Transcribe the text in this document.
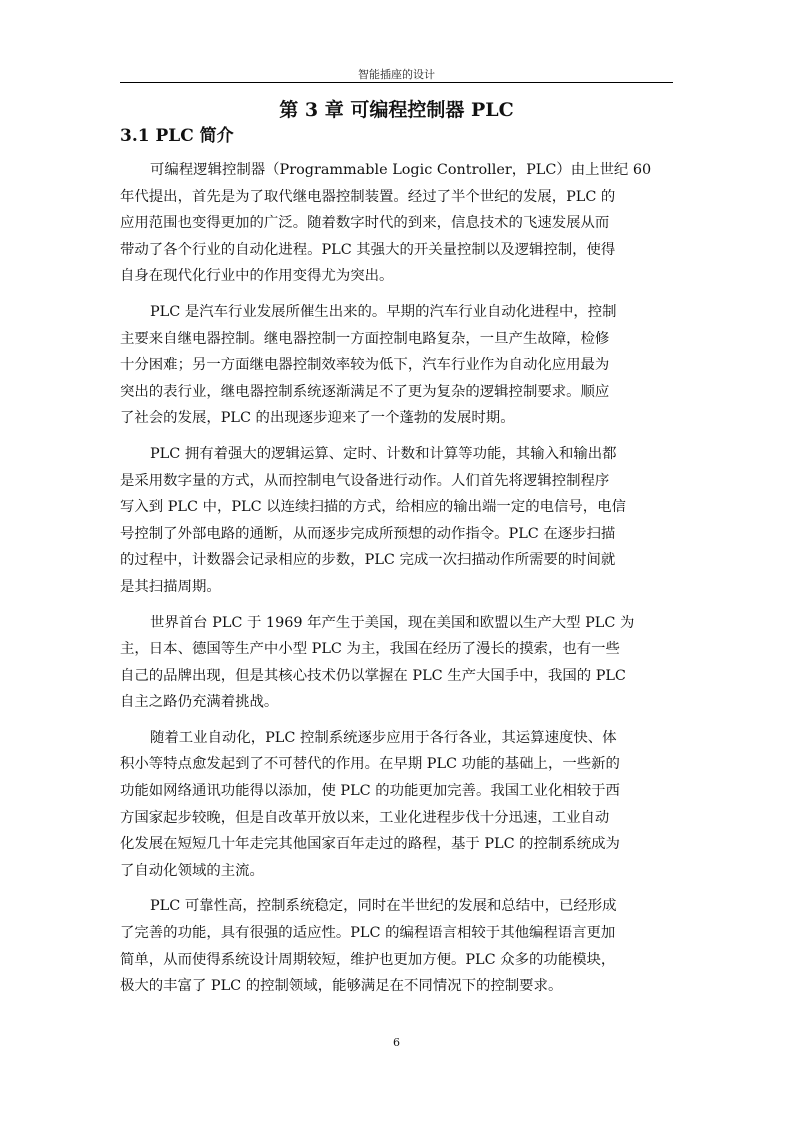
智能插座的设计
第 3 章 可编程控制器 PLC
3.1 PLC 简介
可编程逻辑控制器（Programmable Logic Controller，PLC）由上世纪 60
年代提出，首先是为了取代继电器控制装置。经过了半个世纪的发展，PLC 的
应用范围也变得更加的广泛。随着数字时代的到来，信息技术的飞速发展从而
带动了各个行业的自动化进程。PLC 其强大的开关量控制以及逻辑控制，使得
自身在现代化行业中的作用变得尤为突出。
PLC 是汽车行业发展所催生出来的。早期的汽车行业自动化进程中，控制
主要来自继电器控制。继电器控制一方面控制电路复杂，一旦产生故障，检修
十分困难；另一方面继电器控制效率较为低下，汽车行业作为自动化应用最为
突出的表行业，继电器控制系统逐渐满足不了更为复杂的逻辑控制要求。顺应
了社会的发展，PLC 的出现逐步迎来了一个蓬勃的发展时期。
PLC 拥有着强大的逻辑运算、定时、计数和计算等功能，其输入和输出都
是采用数字量的方式，从而控制电气设备进行动作。人们首先将逻辑控制程序
写入到 PLC 中，PLC 以连续扫描的方式，给相应的输出端一定的电信号，电信
号控制了外部电路的通断，从而逐步完成所预想的动作指令。PLC 在逐步扫描
的过程中，计数器会记录相应的步数，PLC 完成一次扫描动作所需要的时间就
是其扫描周期。
世界首台 PLC 于 1969 年产生于美国，现在美国和欧盟以生产大型 PLC 为
主，日本、德国等生产中小型 PLC 为主，我国在经历了漫长的摸索，也有一些
自己的品牌出现，但是其核心技术仍以掌握在 PLC 生产大国手中，我国的 PLC
自主之路仍充满着挑战。
随着工业自动化，PLC 控制系统逐步应用于各行各业，其运算速度快、体
积小等特点愈发起到了不可替代的作用。在早期 PLC 功能的基础上，一些新的
功能如网络通讯功能得以添加，使 PLC 的功能更加完善。我国工业化相较于西
方国家起步较晚，但是自改革开放以来，工业化进程步伐十分迅速，工业自动
化发展在短短几十年走完其他国家百年走过的路程，基于 PLC 的控制系统成为
了自动化领域的主流。
PLC 可靠性高，控制系统稳定，同时在半世纪的发展和总结中，已经形成
了完善的功能，具有很强的适应性。PLC 的编程语言相较于其他编程语言更加
简单，从而使得系统设计周期较短，维护也更加方便。PLC 众多的功能模块，
极大的丰富了 PLC 的控制领域，能够满足在不同情况下的控制要求。
6
